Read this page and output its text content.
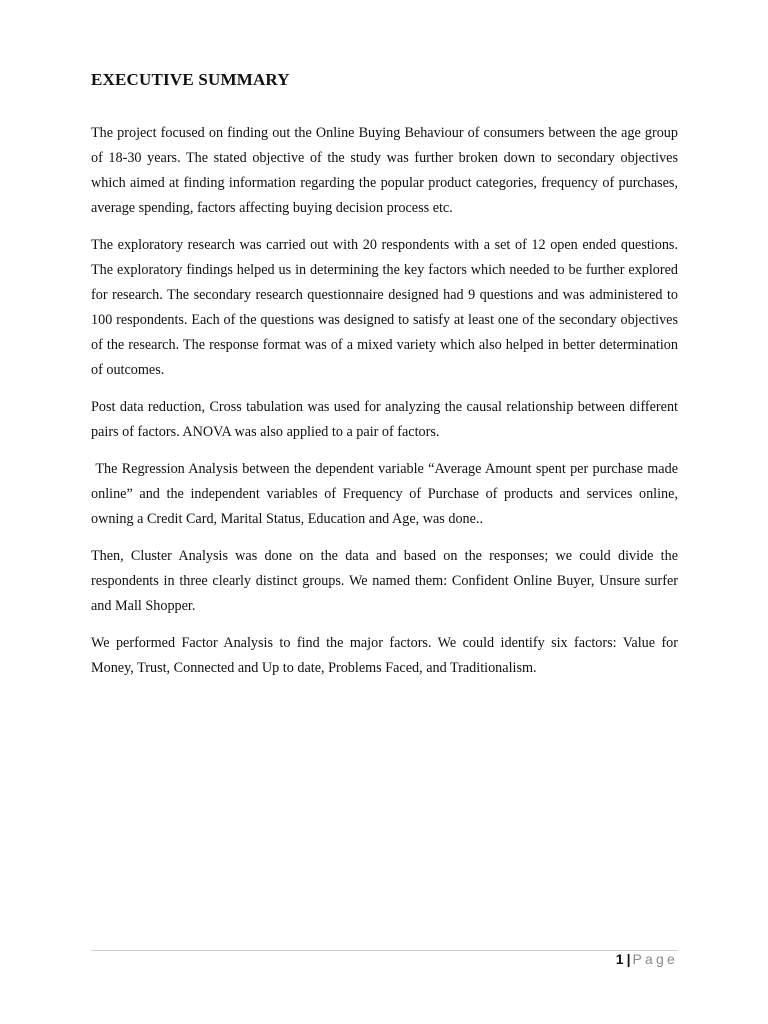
EXECUTIVE SUMMARY

The project focused on finding out the Online Buying Behaviour of consumers between the age group of 18-30 years. The stated objective of the study was further broken down to secondary objectives which aimed at finding information regarding the popular product categories, frequency of purchases, average spending, factors affecting buying decision process etc.

The exploratory research was carried out with 20 respondents with a set of 12 open ended questions. The exploratory findings helped us in determining the key factors which needed to be further explored for research. The secondary research questionnaire designed had 9 questions and was administered to 100 respondents. Each of the questions was designed to satisfy at least one of the secondary objectives of the research. The response format was of a mixed variety which also helped in better determination of outcomes.

Post data reduction, Cross tabulation was used for analyzing the causal relationship between different pairs of factors. ANOVA was also applied to a pair of factors.

The Regression Analysis between the dependent variable “Average Amount spent per purchase made online” and the independent variables of Frequency of Purchase of products and services online, owning a Credit Card, Marital Status, Education and Age, was done..

Then, Cluster Analysis was done on the data and based on the responses; we could divide the respondents in three clearly distinct groups. We named them: Confident Online Buyer, Unsure surfer and Mall Shopper.

We performed Factor Analysis to find the major factors. We could identify six factors: Value for Money, Trust, Connected and Up to date, Problems Faced, and Traditionalism.

1 | Page
